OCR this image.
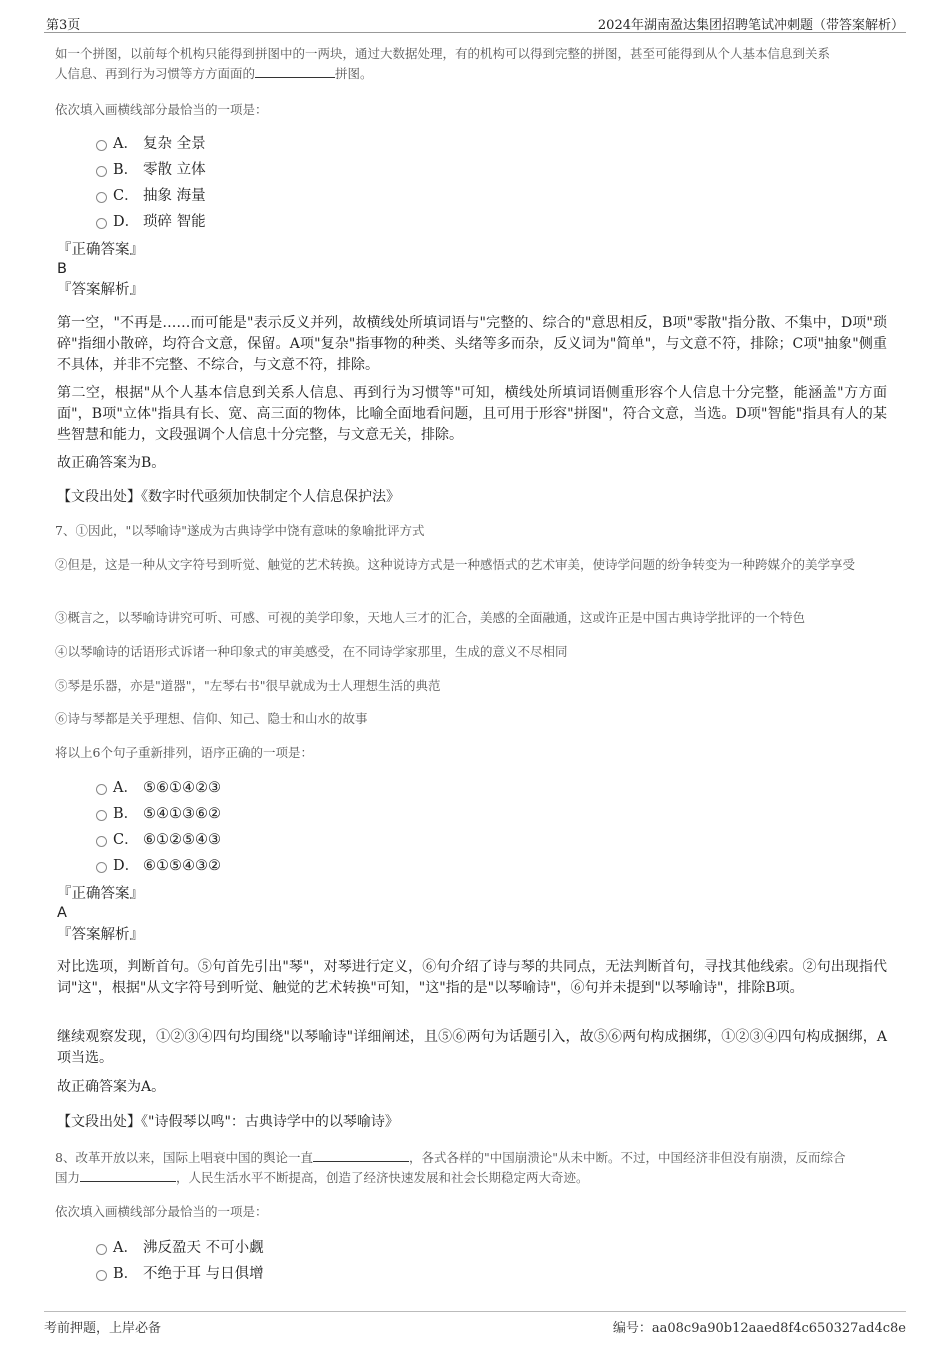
第3页	2024年湖南盈达集团招聘笔试冲刺题（带答案解析）
如一个拼图，以前每个机构只能得到拼图中的一两块，通过大数据处理，有的机构可以得到完整的拼图，甚至可能得到从个人基本信息到关系
人信息、再到行为习惯等方方面面的	拼图。
依次填入画横线部分最恰当的一项是：
A． 复杂 全景
B． 零散 立体
C． 抽象 海量
D． 琐碎 智能
『正确答案』
B
『答案解析』
第一空，"不再是……而可能是"表示反义并列，故横线处所填词语与"完整的、综合的"意思相反，B项"零散"指分散、不集中，D项"琐碎"指细小散碎，均符合文意，保留。A项"复杂"指事物的种类、头绪等多而杂，反义词为"简单"，与文意不符，排除；C项"抽象"侧重不具体，并非不完整、不综合，与文意不符，排除。
第二空，根据"从个人基本信息到关系人信息、再到行为习惯等"可知，横线处所填词语侧重形容个人信息十分完整，能涵盖"方方面面"，B项"立体"指具有长、宽、高三面的物体，比喻全面地看问题，且可用于形容"拼图"，符合文意，当选。D项"智能"指具有人的某些智慧和能力，文段强调个人信息十分完整，与文意无关，排除。
故正确答案为B。
【文段出处】《数字时代亟须加快制定个人信息保护法》
7、①因此，"以琴喻诗"遂成为古典诗学中饶有意味的象喻批评方式
②但是，这是一种从文字符号到听觉、触觉的艺术转换。这种说诗方式是一种感悟式的艺术审美，使诗学问题的纷争转变为一种跨媒介的美学享受
③概言之，以琴喻诗讲究可听、可感、可视的美学印象，天地人三才的汇合，美感的全面融通，这或许正是中国古典诗学批评的一个特色
④以琴喻诗的话语形式诉诸一种印象式的审美感受，在不同诗学家那里，生成的意义不尽相同
⑤琴是乐器，亦是"道器"，"左琴右书"很早就成为士人理想生活的典范
⑥诗与琴都是关乎理想、信仰、知己、隐士和山水的故事
将以上6个句子重新排列，语序正确的一项是：
A． ⑤⑥①④②③
B． ⑤④①③⑥②
C． ⑥①②⑤④③
D． ⑥①⑤④③②
『正确答案』
A
『答案解析』
对比选项，判断首句。⑤句首先引出"琴"，对琴进行定义，⑥句介绍了诗与琴的共同点，无法判断首句，寻找其他线索。②句出现指代词"这"，根据"从文字符号到听觉、触觉的艺术转换"可知，"这"指的是"以琴喻诗"，⑥句并未提到"以琴喻诗"，排除B项。
继续观察发现，①②③④四句均围绕"以琴喻诗"详细阐述，且⑤⑥两句为话题引入，故⑤⑥两句构成捆绑，①②③④四句构成捆绑，A项当选。
故正确答案为A。
【文段出处】《"诗假琴以鸣"：古典诗学中的以琴喻诗》
8、改革开放以来，国际上唱衰中国的舆论一直	，各式各样的"中国崩溃论"从未中断。不过，中国经济非但没有崩溃，反而综合
国力	，人民生活水平不断提高，创造了经济快速发展和社会长期稳定两大奇迹。
依次填入画横线部分最恰当的一项是：
A． 沸反盈天 不可小觑
B． 不绝于耳 与日俱增
考前押题，上岸必备	编号：aa08c9a90b12aaed8f4c650327ad4c8e
